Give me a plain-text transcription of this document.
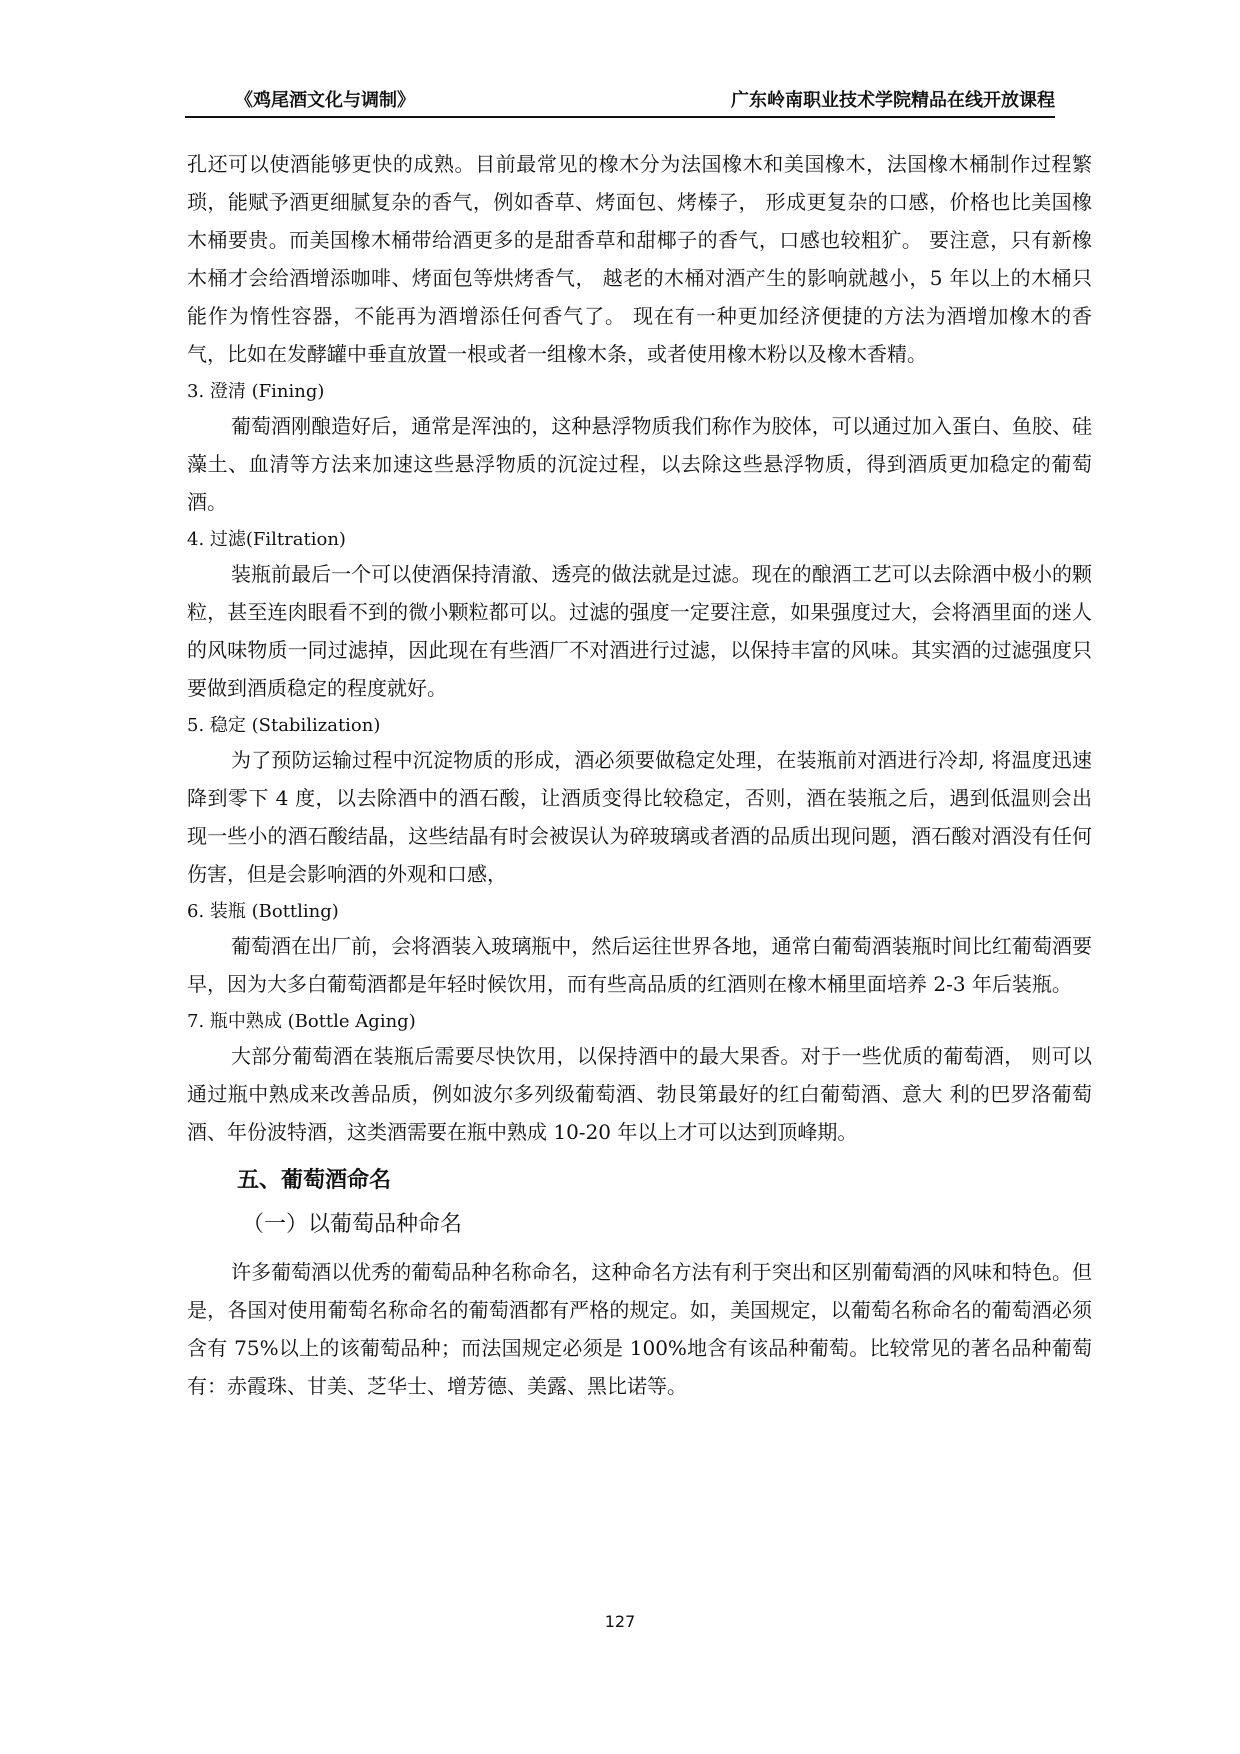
《鸡尾酒文化与调制》	广东岭南职业技术学院精品在线开放课程

孔还可以使酒能够更快的成熟。目前最常见的橡木分为法国橡木和美国橡木，法国橡木桶制作过程繁琐，能赋予酒更细腻复杂的香气，例如香草、烤面包、烤榛子， 形成更复杂的口感，价格也比美国橡木桶要贵。而美国橡木桶带给酒更多的是甜香草和甜椰子的香气，口感也较粗犷。 要注意，只有新橡木桶才会给酒增添咖啡、烤面包等烘烤香气， 越老的木桶对酒产生的影响就越小，5 年以上的木桶只能作为惰性容器，不能再为酒增添任何香气了。 现在有一种更加经济便捷的方法为酒增加橡木的香气，比如在发酵罐中垂直放置一根或者一组橡木条，或者使用橡木粉以及橡木香精。

3. 澄清 (Fining)

葡萄酒刚酿造好后，通常是浑浊的，这种悬浮物质我们称作为胶体，可以通过加入蛋白、鱼胶、硅藻土、血清等方法来加速这些悬浮物质的沉淀过程，以去除这些悬浮物质，得到酒质更加稳定的葡萄酒。

4. 过滤(Filtration)

装瓶前最后一个可以使酒保持清澈、透亮的做法就是过滤。现在的酿酒工艺可以去除酒中极小的颗粒，甚至连肉眼看不到的微小颗粒都可以。过滤的强度一定要注意，如果强度过大，会将酒里面的迷人的风味物质一同过滤掉，因此现在有些酒厂不对酒进行过滤，以保持丰富的风味。其实酒的过滤强度只要做到酒质稳定的程度就好。

5. 稳定 (Stabilization)

为了预防运输过程中沉淀物质的形成，酒必须要做稳定处理，在装瓶前对酒进行冷却, 将温度迅速降到零下 4 度，以去除酒中的酒石酸，让酒质变得比较稳定，否则，酒在装瓶之后，遇到低温则会出现一些小的酒石酸结晶，这些结晶有时会被误认为碎玻璃或者酒的品质出现问题，酒石酸对酒没有任何伤害，但是会影响酒的外观和口感，

6. 装瓶 (Bottling)

葡萄酒在出厂前，会将酒装入玻璃瓶中，然后运往世界各地，通常白葡萄酒装瓶时间比红葡萄酒要早，因为大多白葡萄酒都是年轻时候饮用，而有些高品质的红酒则在橡木桶里面培养 2-3 年后装瓶。

7. 瓶中熟成 (Bottle Aging)

大部分葡萄酒在装瓶后需要尽快饮用，以保持酒中的最大果香。对于一些优质的葡萄酒， 则可以通过瓶中熟成来改善品质，例如波尔多列级葡萄酒、勃艮第最好的红白葡萄酒、意大 利的巴罗洛葡萄酒、年份波特酒，这类酒需要在瓶中熟成 10-20 年以上才可以达到顶峰期。

五、葡萄酒命名
（一）以葡萄品种命名

许多葡萄酒以优秀的葡萄品种名称命名，这种命名方法有利于突出和区别葡萄酒的风味和特色。但是，各国对使用葡萄名称命名的葡萄酒都有严格的规定。如，美国规定，以葡萄名称命名的葡萄酒必须含有 75%以上的该葡萄品种；而法国规定必须是 100%地含有该品种葡萄。比较常见的著名品种葡萄有：赤霞珠、甘美、芝华士、增芳德、美露、黑比诺等。

127
